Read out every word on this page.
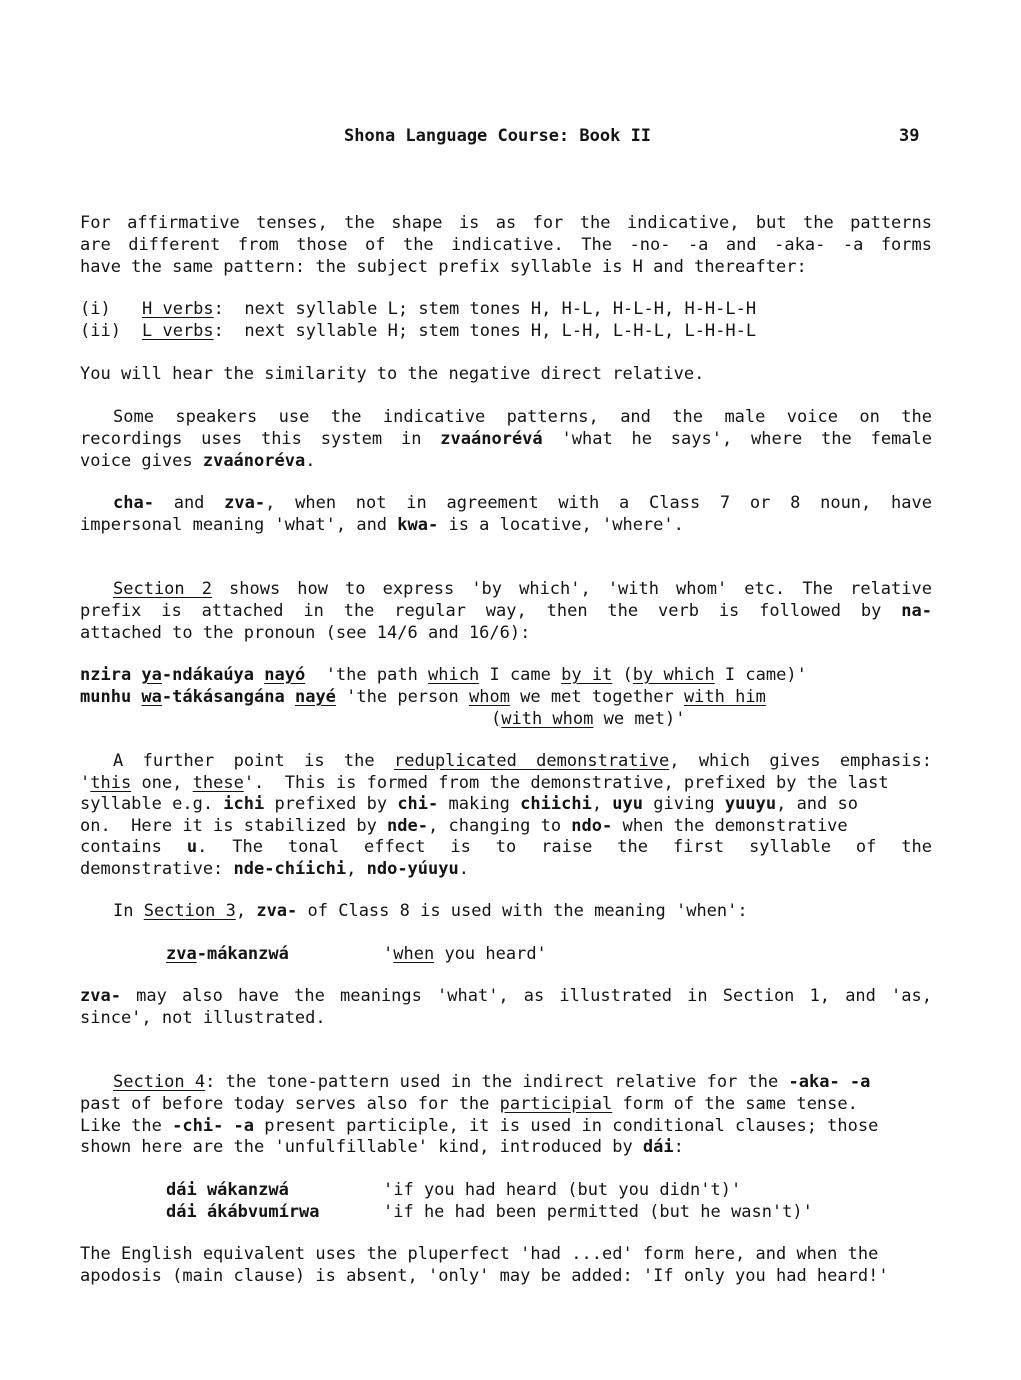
Shona Language Course: Book II	39
For affirmative tenses, the shape is as for the indicative, but the patterns
are different from those of the indicative. The -no- -a and -aka- -a forms
have the same pattern: the subject prefix syllable is H and thereafter:
(i) H verbs:  next syllable L; stem tones H, H-L, H-L-H, H-H-L-H
(ii) L verbs:  next syllable H; stem tones H, L-H, L-H-L, L-H-H-L
You will hear the similarity to the negative direct relative.
Some speakers use the indicative patterns, and the male voice on the
recordings uses this system in zvaánorévá 'what he says', where the female
voice gives zvaánoréva.
cha- and zva-, when not in agreement with a Class 7 or 8 noun, have
impersonal meaning 'what', and kwa- is a locative, 'where'.
Section 2 shows how to express 'by which', 'with whom' etc. The relative
prefix is attached in the regular way, then the verb is followed by na-
attached to the pronoun (see 14/6 and 16/6):
nzira ya-ndákaúya nayó  'the path which I came by it (by which I came)'
munhu wa-tákásangána nayé 'the person whom we met together with him
(with whom we met)'
A further point is the reduplicated demonstrative, which gives emphasis:
'this one, these'.  This is formed from the demonstrative, prefixed by the last
syllable e.g. ichi prefixed by chi- making chiichi, uyu giving yuuyu, and so
on.  Here it is stabilized by nde-, changing to ndo- when the demonstrative
contains u. The tonal effect is to raise the first syllable of the
demonstrative: nde-chíichi, ndo-yúuyu.
In Section 3, zva- of Class 8 is used with the meaning 'when':
zva-mákanzwá	'when you heard'
zva- may also have the meanings 'what', as illustrated in Section 1, and 'as,
since', not illustrated.
Section 4: the tone-pattern used in the indirect relative for the -aka- -a
past of before today serves also for the participial form of the same tense.
Like the -chi- -a present participle, it is used in conditional clauses; those
shown here are the 'unfulfillable' kind, introduced by dái:
dái wákanzwá	'if you had heard (but you didn't)'
dái ákábvumírwa	'if he had been permitted (but he wasn't)'
The English equivalent uses the pluperfect 'had ...ed' form here, and when the
apodosis (main clause) is absent, 'only' may be added: 'If only you had heard!'
